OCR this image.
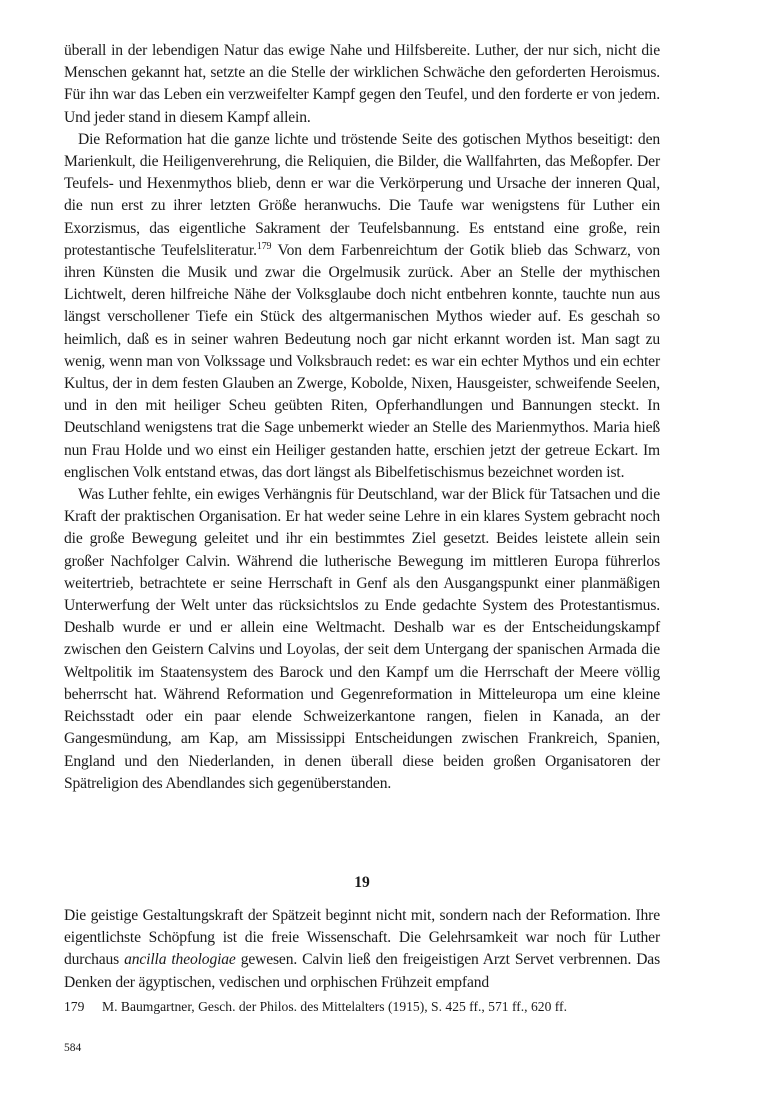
überall in der lebendigen Natur das ewige Nahe und Hilfsbereite. Luther, der nur sich, nicht die Menschen gekannt hat, setzte an die Stelle der wirklichen Schwäche den geforderten Heroismus. Für ihn war das Leben ein verzweifelter Kampf gegen den Teufel, und den forderte er von jedem. Und jeder stand in diesem Kampf allein.

Die Reformation hat die ganze lichte und tröstende Seite des gotischen Mythos beseitigt: den Marienkult, die Heiligenverehrung, die Reliquien, die Bilder, die Wallfahrten, das Meßopfer. Der Teufels- und Hexenmythos blieb, denn er war die Verkörperung und Ursache der inneren Qual, die nun erst zu ihrer letzten Größe heranwuchs. Die Taufe war wenigstens für Luther ein Exorzismus, das eigentliche Sakrament der Teufelsbannung. Es entstand eine große, rein protestantische Teufelsliteratur.$^{179}$ Von dem Farbenreichtum der Gotik blieb das Schwarz, von ihren Künsten die Musik und zwar die Orgelmusik zurück. Aber an Stelle der mythischen Lichtwelt, deren hilfreiche Nähe der Volksglaube doch nicht entbehren konnte, tauchte nun aus längst verschollener Tiefe ein Stück des altgermanischen Mythos wieder auf. Es geschah so heimlich, daß es in seiner wahren Bedeutung noch gar nicht erkannt worden ist. Man sagt zu wenig, wenn man von Volkssage und Volksbrauch redet: es war ein echter Mythos und ein echter Kultus, der in dem festen Glauben an Zwerge, Kobolde, Nixen, Hausgeister, schweifende Seelen, und in den mit heiliger Scheu geübten Riten, Opferhandlungen und Bannungen steckt. In Deutschland wenigstens trat die Sage unbemerkt wieder an Stelle des Marienmythos. Maria hieß nun Frau Holde und wo einst ein Heiliger gestanden hatte, erschien jetzt der getreue Eckart. Im englischen Volk entstand etwas, das dort längst als Bibelfetischismus bezeichnet worden ist.

Was Luther fehlte, ein ewiges Verhängnis für Deutschland, war der Blick für Tatsachen und die Kraft der praktischen Organisation. Er hat weder seine Lehre in ein klares System gebracht noch die große Bewegung geleitet und ihr ein bestimmtes Ziel gesetzt. Beides leistete allein sein großer Nachfolger Calvin. Während die lutherische Bewegung im mittleren Europa führerlos weitertrieb, betrachtete er seine Herrschaft in Genf als den Ausgangspunkt einer planmäßigen Unterwerfung der Welt unter das rücksichtslos zu Ende gedachte System des Protestantismus. Deshalb wurde er und er allein eine Weltmacht. Deshalb war es der Entscheidungskampf zwischen den Geistern Calvins und Loyolas, der seit dem Untergang der spanischen Armada die Weltpolitik im Staatensystem des Barock und den Kampf um die Herrschaft der Meere völlig beherrscht hat. Während Reformation und Gegenreformation in Mitteleuropa um eine kleine Reichsstadt oder ein paar elende Schweizerkantone rangen, fielen in Kanada, an der Gangesmündung, am Kap, am Mississippi Entscheidungen zwischen Frankreich, Spanien, England und den Niederlanden, in denen überall diese beiden großen Organisatoren der Spätreligion des Abendlandes sich gegenüberstanden.

19

Die geistige Gestaltungskraft der Spätzeit beginnt nicht mit, sondern nach der Reformation. Ihre eigentlichste Schöpfung ist die freie Wissenschaft. Die Gelehrsamkeit war noch für Luther durchaus ancilla theologiae gewesen. Calvin ließ den freigeistigen Arzt Servet verbrennen. Das Denken der ägyptischen, vedischen und orphischen Frühzeit empfand

179 M. Baumgartner, Gesch. der Philos. des Mittelalters (1915), S. 425 ff., 571 ff., 620 ff.
584
